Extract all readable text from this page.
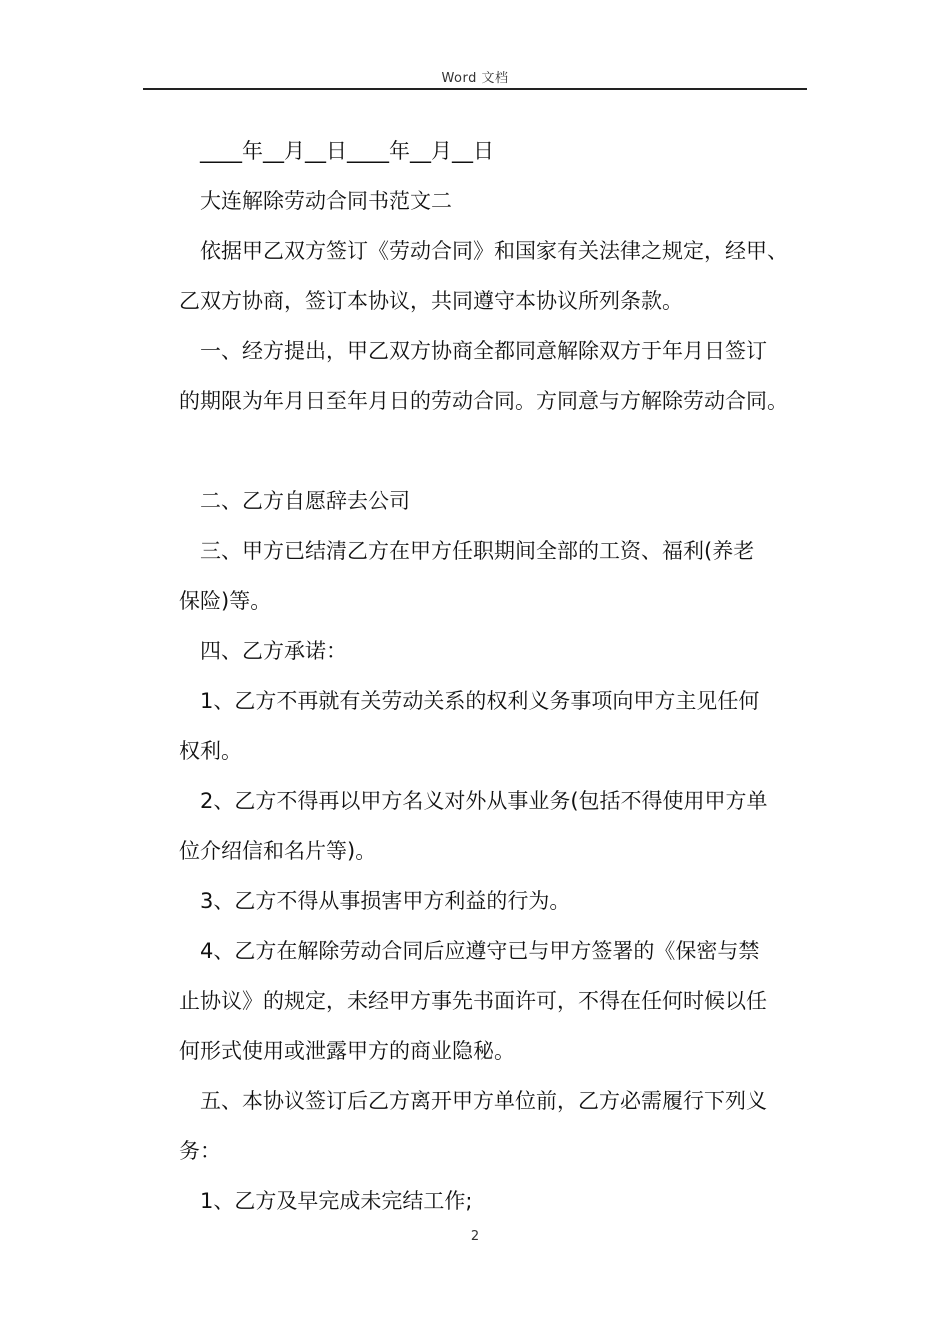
Word 文档

____年__月__日____年__月__日

大连解除劳动合同书范文二

依据甲乙双方签订《劳动合同》和国家有关法律之规定，经甲、

乙双方协商，签订本协议，共同遵守本协议所列条款。

一、经方提出，甲乙双方协商全都同意解除双方于年月日签订

的期限为年月日至年月日的劳动合同。方同意与方解除劳动合同。

二、乙方自愿辞去公司

三、甲方已结清乙方在甲方任职期间全部的工资、福利(养老

保险)等。

四、乙方承诺：

1、乙方不再就有关劳动关系的权利义务事项向甲方主见任何

权利。

2、乙方不得再以甲方名义对外从事业务(包括不得使用甲方单

位介绍信和名片等)。

3、乙方不得从事损害甲方利益的行为。

4、乙方在解除劳动合同后应遵守已与甲方签署的《保密与禁

止协议》的规定，未经甲方事先书面许可，不得在任何时候以任

何形式使用或泄露甲方的商业隐秘。

五、本协议签订后乙方离开甲方单位前，乙方必需履行下列义

务：

1、乙方及早完成未完结工作;

2
